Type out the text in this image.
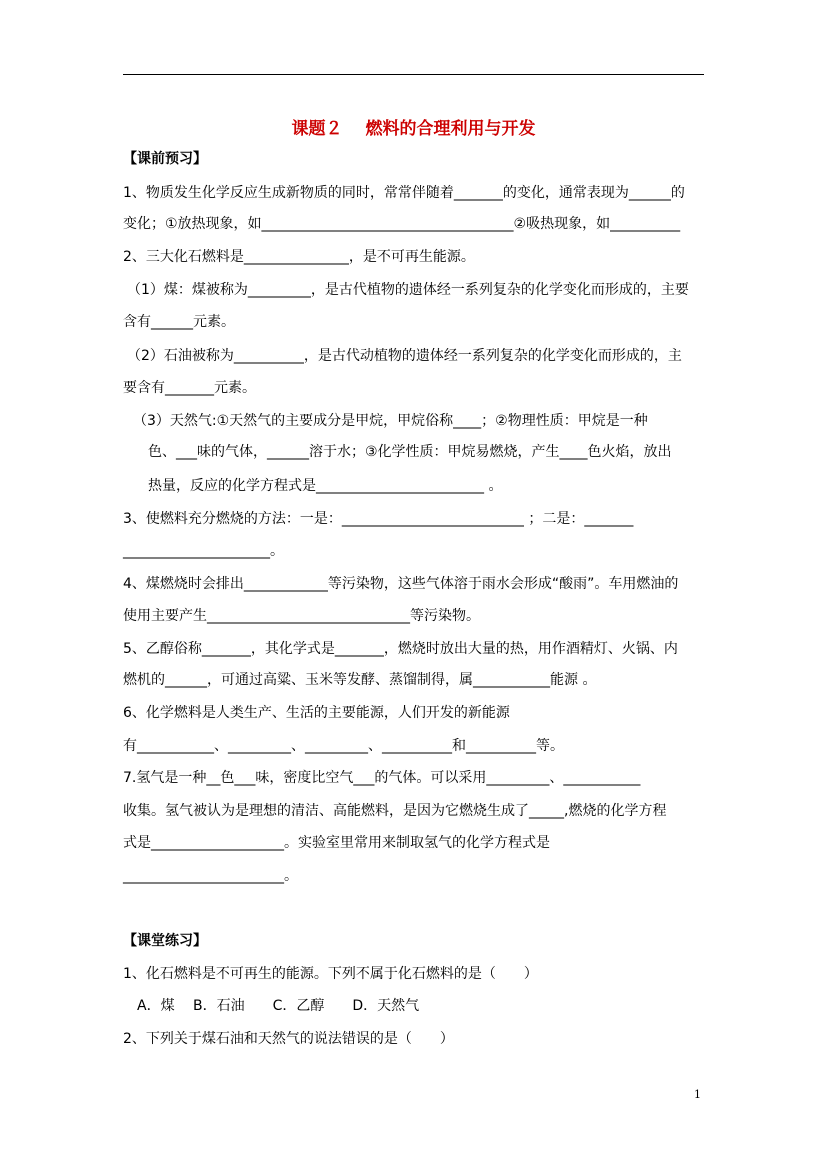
课题２　 燃料的合理利用与开发
【课前预习】
1、物质发生化学反应生成新物质的同时，常常伴随着_______的变化，通常表现为______的
变化；①放热现象，如____________________________________②吸热现象，如__________
2、三大化石燃料是_______________，是不可再生能源。
（1）煤：煤被称为_________，是古代植物的遗体经一系列复杂的化学变化而形成的，主要
含有______元素。
（2）石油被称为__________，是古代动植物的遗体经一系列复杂的化学变化而形成的，主
要含有_______元素。
（3）天然气:①天然气的主要成分是甲烷，甲烷俗称____；②物理性质：甲烷是一种
色、___味的气体，______溶于水；③化学性质：甲烷易燃烧，产生____色火焰，放出
热量，反应的化学方程式是________________________ 。
3、使燃料充分燃烧的方法：一是：__________________________ ；二是：_______
_____________________。
4、煤燃烧时会排出____________等污染物，这些气体溶于雨水会形成“酸雨”。车用燃油的
使用主要产生_____________________________等污染物。
5、乙醇俗称_______，其化学式是_______，燃烧时放出大量的热，用作酒精灯、火锅、内
燃机的______，可通过高粱、玉米等发酵、蒸馏制得，属___________能源 。
6、化学燃料是人类生产、生活的主要能源，人们开发的新能源
有___________、_________、_________、__________和__________等。
7.氢气是一种__色___味，密度比空气___的气体。可以采用_________、___________
收集。氢气被认为是理想的清洁、高能燃料，是因为它燃烧生成了_____,燃烧的化学方程
式是___________________。实验室里常用来制取氢气的化学方程式是
_______________________。
【课堂练习】
1、化石燃料是不可再生的能源。下列不属于化石燃料的是（　　）
　A．煤　 B．石油　　C．乙醇　　D．天然气
2、下列关于煤石油和天然气的说法错误的是（　　）
1
